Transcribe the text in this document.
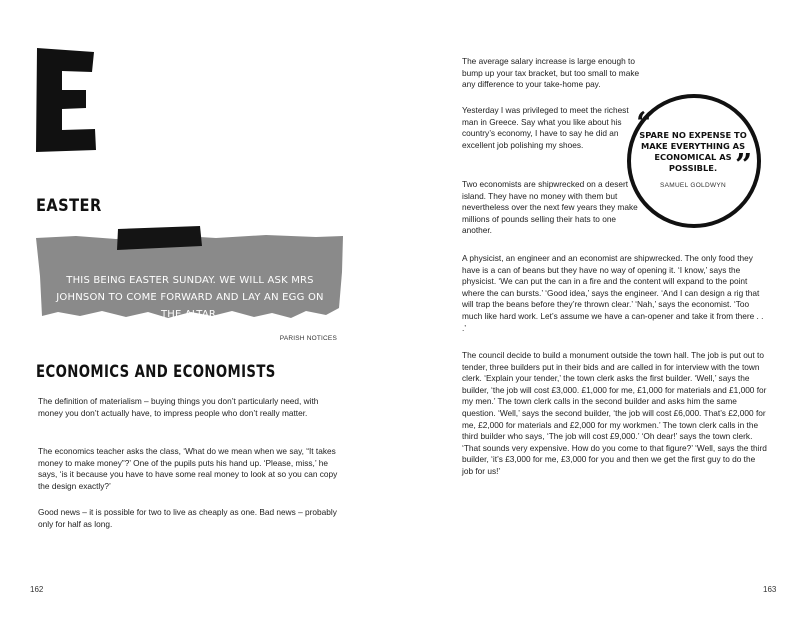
EASTER
THIS BEING EASTER SUNDAY. WE WILL ASK MRS JOHNSON TO COME FORWARD AND LAY AN EGG ON THE ALTAR.
PARISH NOTICES
ECONOMICS AND ECONOMISTS

The definition of materialism – buying things you don’t particularly need, with money you don’t actually have, to impress people who don’t really matter.

The economics teacher asks the class, ‘What do we mean when we say, “It takes money to make money”?’ One of the pupils puts his hand up. ‘Please, miss,’ he says, ‘is it because you have to have some real money to look at so you can copy the design exactly?’

Good news – it is possible for two to live as cheaply as one. Bad news – probably only for half as long.

162

The average salary increase is large enough to bump up your tax bracket, but too small to make any difference to your take-home pay.

Yesterday I was privileged to meet the richest man in Greece. Say what you like about his country’s economy, I have to say he did an excellent job polishing my shoes.

Two economists are shipwrecked on a desert island. They have no money with them but nevertheless over the next few years they make millions of pounds selling their hats to one another.

A physicist, an engineer and an economist are shipwrecked. The only food they have is a can of beans but they have no way of opening it. ‘I know,’ says the physicist. ‘We can put the can in a fire and the content will expand to the point where the can bursts.’ ‘Good idea,’ says the engineer. ‘And I can design a rig that will trap the beans before they’re thrown clear.’ ‘Nah,’ says the economist. ‘Too much like hard work. Let’s assume we have a can-opener and take it from there . . .’

The council decide to build a monument outside the town hall. The job is put out to tender, three builders put in their bids and are called in for interview with the town clerk. ‘Explain your tender,’ the town clerk asks the first builder. ‘Well,’ says the builder, ‘the job will cost £3,000. £1,000 for me, £1,000 for materials and £1,000 for my men.’ The town clerk calls in the second builder and asks him the same question. ‘Well,’ says the second builder, ‘the job will cost £6,000. That’s £2,000 for me, £2,000 for materials and £2,000 for my workmen.’ The town clerk calls in the third builder who says, ‘The job will cost £9,000.’ ‘Oh dear!’ says the town clerk. ‘That sounds very expensive. How do you come to that figure?’ ‘Well, says the third builder, ‘it’s £3,000 for me, £3,000 for you and then we get the first guy to do the job for us!’

“
SPARE NO EXPENSE TO MAKE EVERYTHING AS ECONOMICAL AS POSSIBLE. ”
SAMUEL GOLDWYN
163
